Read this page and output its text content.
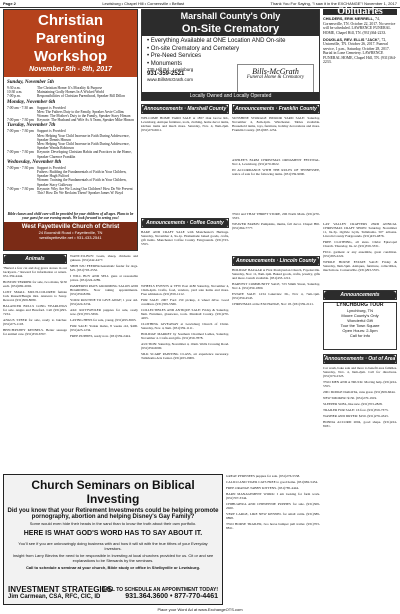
Page 2	Lewisburg • Chapel Hill • Cornersville • Belfast	Thank You For Saying, "I saw it in the EXCHANGE"! November 1, 2017
Christian
Parenting
Workshop
November 5th - 8th, 2017
Sunday, November 5th
9:30 a.m.	The Christian Home: It's Morality & Purpose
10:30 a.m.	Maintaining Godly Homes In A Wicked World
7:00 p.m.	Responsibilities of Christian Parenthood, Speaker Bill Dillon
Monday, November 6th
7:00 am - 7:30 am	Support is Provided
Men: The Fathers Duty to the Family, Speaker Arvie Collins
Women: The Mother's Duty to the Family, Speaker Stacy Hinson
7:00 pm - 7:30 pm Keynote: The Husband and Wife As A Team, Speaker Mike Hinson
Tuesday, November 7th
7:00 pm - 7:30 pm Support is Provided
Men: Helping Your Child Increase in Faith During Adolescence, Speaker Dennis Hinson
Men: Helping Your Child Increase in Faith During Adolescence, Speaker Wanda Robinson
7:00 pm - 7:30 pm Keynote: Developing Christian Habits and Practices in the Home, Speaker Clarence Franklin
Wednesday, November 8th
7:00 pm - 7:30 pm Support is Provided
Fathers: Building the Fundamentals of Faith in Your Children, Speaker Hugh Fulford
Women: Training the Fundamentals of Faith in Your Children, Speaker Stacy Galloway
7:00 pm - 7:30 pm Keynote: Why Are We Losing Our Children? How Do We Prevent This? How Do We Reclaim Them? Speaker James W. Boyd
Bible classes and child care will be provided for your children of all ages. Plans to be your guest for our evening meals. We look forward to seeing you!
West Fayetteville Church of Christ
24 Boonshill Road • Fayetteville, TN
westfayetteville.net • 931-433-2541
Marshall County's Only
On-Site Crematory
• Everything Available at ONE Location AND On-site
• On-site Crematory and Cemetery
• Pre-Need Services
• Monuments
735 Hill Rd., Lewisburg
931-359-2521
www.BillsMcGrath.com
Bills-McGrath
Funeral Home & Crematory
Locally Owned and Locally Operated
Obituaries

CHILDERS, ERIK MERRELL, 74, Cornersville, TN. October 22, 2017. No service will be scheduled. LAWRENCE FUNERAL HOME, Chapel Hill, TN. (931)364-2233.

DOUGLAS, REV. ELLIS "JACK", 72, Unionville, TN. October 26, 2017. Funeral service, 1 p.m., Saturday, October 28, 2017. Burial in Lone Cemetery. LAWRENCE FUNERAL HOME, Chapel Hill, TN. (931)364-2233.

Announcements · Marshall County
WELCOME HOME YARD SALE at 1857 Oak Grove Rd., Lewisburg. Antique furniture, tools, clothing, home decor items, kitchen items and much more. Saturday, Nov. 4, 8am-2pm. (931)270-6611.
Announcements · Franklin County
SUNSHINE STORAGE INDOOR YARD SALE: Saturday, November 4, 8am-2pm. Winchester. Tables available. Household items, toys, furniture, holiday decorations and more. Franklin County. (931)967-1234.

ASHLEE'S FARM CHRISTMAS ORNAMENT FESTIVAL. Nov 4, Lewisburg. (931)270-0022.

IN ACCORDANCE WITH THE RULES OF TENNESSEE, notice of sale for the following items. (931)359-9000.

Announcements · Coffee County
BAKE AND CRAFT SALE with Manchester's Heritage. Saturday, November 4, 9a-1p. Homemade baked goods, crafts, gift items. Manchester Coffee County Fairgrounds. (931)723-5555.

WHEELS EVENTS at VFW Post 4180 Saturday, November 4, 10am-4pm. Crafts, food, vendors, yard sale items and more. Free admission. (931)359-1212.

FOR SALE: 2007 Ford 150 pickup, 4 wheel drive. Good condition. (931)359-5566.

COLLECTIBLES AND ANTIQUE SALE: Friday & Saturday, 8am. Furniture, glassware, tools. Marshall County. (931)270-4455.

CLOTHING GIVEAWAY at Lewisburg Church of Christ. Saturday, Nov. 4, 9am. (931)359-1111.

HOLIDAY MARKET by Southern Charmed Ladies, Saturday, November 4. Crafts and gifts. (931)359-7878.

AUCTION: Saturday, November 4, 10am. Wells Crossing Road. (931)359-6000.

SILK SCARF PAINTING CLASS, art experience necessary. Tullahoma Arts Center. (931)455-0909.

TWO and THAT THRIFT STORE, 206 North Main. (931)270-3333.

WEAVER FARMS: Pumpkins, mums, fall decor. Chapel Hill. (931)364-7777.

Announcements · Lincoln County

HOLIDAY BAZAAR at First Presbyterian Church, Fayetteville. Saturday, Nov. 11, 8am-1pm. Baked goods, crafts, jewelry, gifts and more. Lunch available. (931)433-1212.

HARVEST COMMUNITY SALE, 723 Smith Street, Saturday, Nov 4. (931)359-1800.

ESTATE SALE: 1234 Lakeview Dr., Nov 4, 7am-1pm. (931)359-4545.

CHRISTMAS at the EXCHANGE, Nov 18. (931)359-2121.

LAY VALLEY CRAFTERS 23RD ANNUAL CHRISTMAS CRAFT SHOW: Saturday, November 11, 9a-3p. Ogilvie Gym, Tullahoma. 50+ artisans. Lincoln County Fairgrounds. (931)433-4876.

FREE CLOTHING, all sizes. Christ Episcopal Church. Thursday, 9a-12. (931)359-3331.

FULL garment or any ensemble, great condition. (931)393-2222.

WHOLE HOUSE ESTATE SALE: Friday & Saturday, 8am-5pm. Antiques, furniture, collectibles, much more. Cornersville. (931)293-5555.

Announcements
LYNCHBURG TOUR
Lynchburg, TN
Moore County's Only
Wonderful Gift
Tour the Town Square
Open Hours: 2-5pm
Call for info
Announcements · Out of Area

Car wash, bake sale and more to benefit area families. Saturday, Nov. 4, 9am-2pm. Call for directions. (931)570-2323.

TWO MEN AND A TRUCK: Moving help. (931)224-5555.

2001 DODGE DAKOTA, runs great. (931)309-6644.

NEW SMOKER: $150. (931)270-1919.

SLEEPER SOFA, like new. (931)703-2828.

TRAILER FOR SALE: 16 foot. (931)359-7373.

WASHER AND DRYER: $250. (931)276-4343.

HONDA ACCORD 2004, good shape. (931)224-8181.

Animals

"Buried a few cat and dog grave stones in our backyard..." Reward for information or return. 931-359-4444.

BOSTON TERRIER for sale, two males, $150 each. (931)682-2002.

LOST SMALL MULTI-COLORED female Jack Russell/Beagle mix. Answers to Sassy. Reward. (931)309-8080.

BALANCER BULLS LONG YEARLINGS for sale. Angus and Hereford. Call (931)293-7234.

ANGUS STEER for sale, ready to butcher. (931)273-1118.

BEECH/PUPPY KENNELS. Better sausage for animal care. (931)359-6767.

WANT-TO-BUY: Goats, sheep, chickens and guineas. (931)242-4477.

SHIH TZU FEEDER/Automatic feeder for dogs. $25. (931)703-2552.

I WILL BUY AND SELL guns at reasonable prices. (931)224-2289.

PAMPERED PAWS GROOMING SALON AND BOARDING. Now taking appointments. (931)359-8282.

YOUR ROUTINE TO GIVE AWAY; 1 year old. (931)224-3234.

AKC ROTTWEILER puppies for sale, ready now. (931)703-5656.

LAYING HENS for sale, young. (931)293-6565.

FOR SALE: Yorkie males, 8 weeks old, $400. (931)423-1234.

FREE PUPPIES, ready now. (931)359-2424.

Church Seminars on Biblical Investing
Did you know that your Retirement Investments could be helping promote pornography, abortion and helping Disney's Gay Family?
Some would even hide their heads in the sand than to know the truth about their own portfolio.
HERE IS WHAT GOD'S WORD HAS TO SAY ABOUT IT.
You'll see if you are unknowingly doing business with and how it will sit with the true tithes of your Everyday Investors.
Insight from Larry Blevins the need to be responsible in Investing at local churches provided for us. Cit or and see explanations to be Stewards by the seminars.
Call to schedule a seminar at your church, Bible study or office in Shelbyville or Lewisburg.
INVESTMENT STRATEGIES
Jim Carmean, CSA, RFC, CIC, ID
CALL TO SCHEDULE AN APPOINTMENT TODAY!
931.364.3600 • 877-770-4461

GREAT PYRENEES puppies for sale. (931)276-5558.

CALICO AND TIGER CATS FREE to good home. (931)982-5454.

FREE ORANGE TABBY KITTENS. (931)785-4444.

BARN MANAGEMENT WORK: I am looking for farm work. (931)707-3344.

CHIHUAHUA AND CHIWEENIE PUPPIES for sale. (931)309-2020.

VERY LARGE, LIKE NEW KENNEL for small cattle. (931)389-9898.

TWO HORSE TRAILER, two horse bumper pull trailer. (931)703-8811.

Place your Word Ad at www.ExchangeOTS.com
